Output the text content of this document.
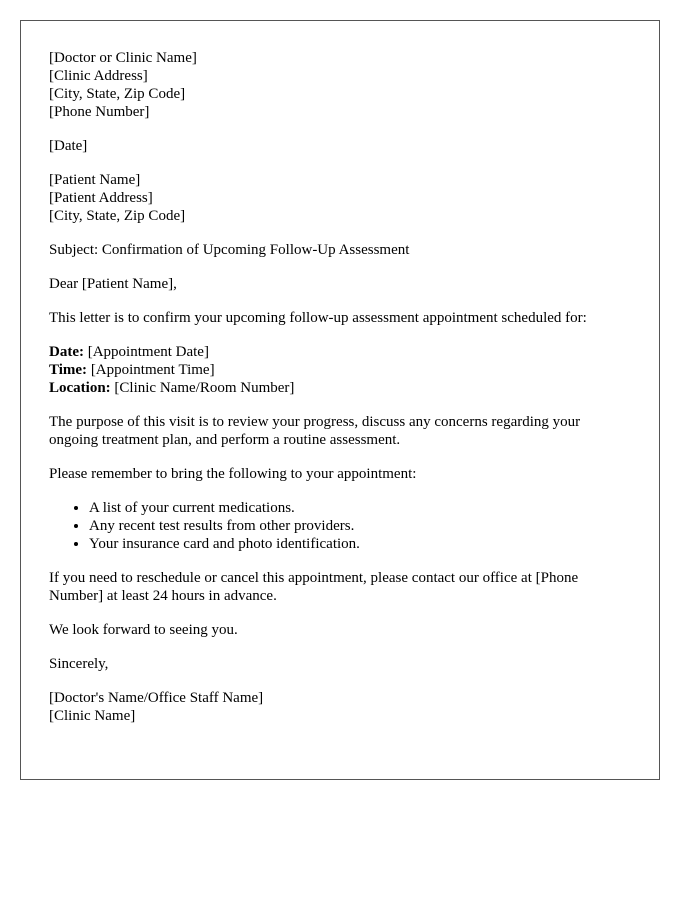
[Doctor or Clinic Name]
[Clinic Address]
[City, State, Zip Code]
[Phone Number]
[Date]
[Patient Name]
[Patient Address]
[City, State, Zip Code]
Subject: Confirmation of Upcoming Follow-Up Assessment
Dear [Patient Name],
This letter is to confirm your upcoming follow-up assessment appointment scheduled for:
Date: [Appointment Date]
Time: [Appointment Time]
Location: [Clinic Name/Room Number]
The purpose of this visit is to review your progress, discuss any concerns regarding your ongoing treatment plan, and perform a routine assessment.
Please remember to bring the following to your appointment:
• A list of your current medications.
• Any recent test results from other providers.
• Your insurance card and photo identification.
If you need to reschedule or cancel this appointment, please contact our office at [Phone Number] at least 24 hours in advance.
We look forward to seeing you.
Sincerely,
[Doctor's Name/Office Staff Name]
[Clinic Name]
